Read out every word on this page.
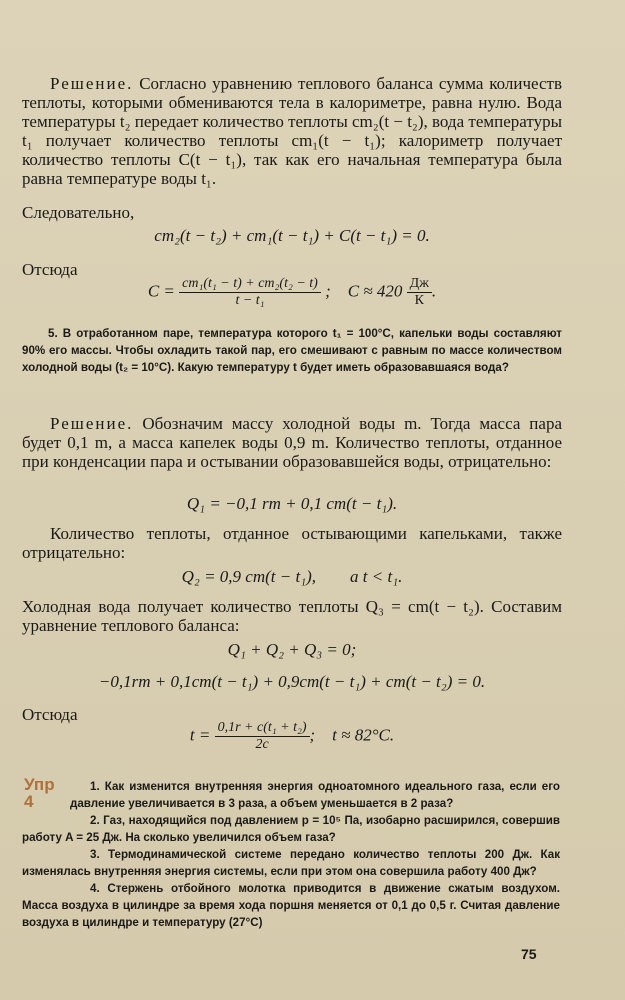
Решение. Согласно уравнению теплового баланса сумма количеств теплоты, которыми обмениваются тела в калориметре, равна нулю. Вода температуры t₂ передает количество теплоты cm₂(t − t₂), вода температуры t₁ получает количество теплоты cm₁(t − t₁); калориметр получает количество теплоты C(t − t₁), так как его начальная температура была равна температуре воды t₁.

Следовательно,

cm₂(t − t₂) + cm₁(t − t₁) + C(t − t₁) = 0.

Отсюда

$C = \frac{\text{cm₁(t₁ − t) + cm₂(t₂ − t)}}{\text{t − t₁}}$ ; $C \approx 420 \frac{Дж}{К}$ .

5. В отработанном паре, температура которого t₁ = 100°C, капельки воды составляют 90% его массы. Чтобы охладить такой пар, его смешивают с равным по массе количеством холодной воды (t₂ = 10°C). Какую температуру t будет иметь образовавшаяся вода?

Решение. Обозначим массу холодной воды m. Тогда масса пара будет 0,1 m, а масса капелек воды 0,9 m. Количество теплоты, отданное при конденсации пара и остывании образовавшейся воды, отрицательно:

Q₁ = −0,1 rm + 0,1 cm(t − t₁).

Количество теплоты, отданное остывающими капельками, также отрицательно:

Q₂ = 0,9 cm(t − t₁),        а t < t₁.

Холодная вода получает количество теплоты Q₃ = cm(t − t₂). Составим уравнение теплового баланса:

Q₁ + Q₂ + Q₃ = 0;
−0,1rm + 0,1cm(t − t₁) + 0,9cm(t − t₁) + cm(t − t₂) = 0.

Отсюда

$t = \frac{\text{0,1r + c(t₁ + t₂)}}{2c}$ ;    t ≈ 82°C.
Упр
4

1. Как изменится внутренняя энергия одноатомного идеального газа, если его давление увеличивается в 3 раза, а объем уменьшается в 2 раза?

2. Газ, находящийся под давлением p = 10⁵ Па, изобарно расширился, совершив работу A = 25 Дж. На сколько увеличился объем газа?

3. Термодинамической системе передано количество теплоты 200 Дж. Как изменялась внутренняя энергия системы, если при этом она совершила работу 400 Дж?

4. Стержень отбойного молотка приводится в движение сжатым воздухом. Масса воздуха в цилиндре за время хода поршня меняется от 0,1 до 0,5 г. Считая давление воздуха в цилиндре и температуру (27°C)

75
